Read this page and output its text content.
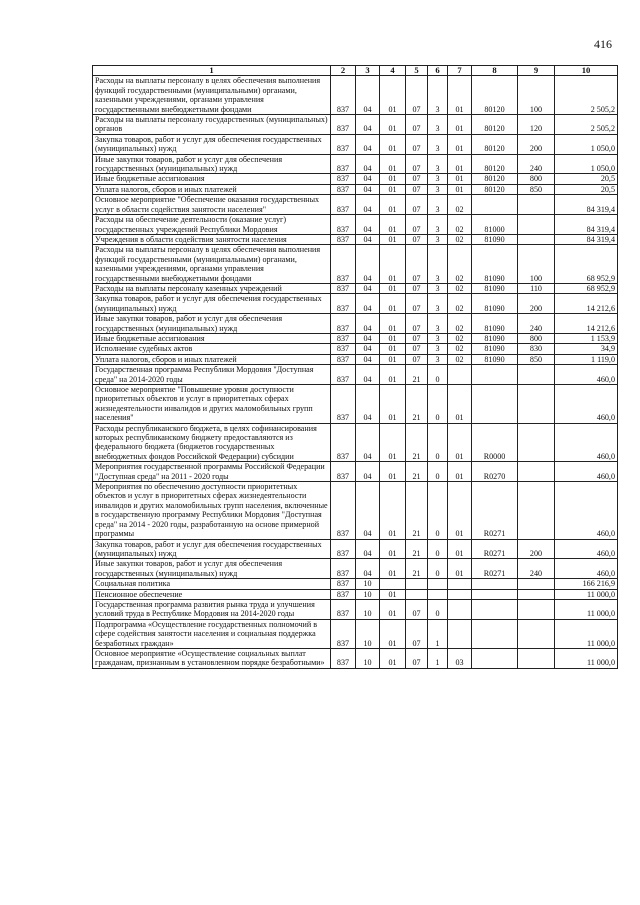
416
1	2	3	4	5	6	7	8	9	10
Расходы на выплаты персоналу в целях обеспечения выполнения функций государственными (муниципальными) органами, казенными учреждениями, органами управления государственными внебюджетными фондами	837	04	01	07	3	01	80120	100	2 505,2
Расходы на выплаты персоналу государственных (муниципальных) органов	837	04	01	07	3	01	80120	120	2 505,2
Закупка товаров, работ и услуг для обеспечения государственных (муниципальных) нужд	837	04	01	07	3	01	80120	200	1 050,0
Иные закупки товаров, работ и услуг для обеспечения государственных (муниципальных) нужд	837	04	01	07	3	01	80120	240	1 050,0
Иные бюджетные ассигнования	837	04	01	07	3	01	80120	800	20,5
Уплата налогов, сборов и иных платежей	837	04	01	07	3	01	80120	850	20,5
Основное мероприятие "Обеспечение оказания государственных услуг в области содействия занятости населения"	837	04	01	07	3	02			84 319,4
Расходы на обеспечение деятельности (оказание услуг) государственных учреждений Республики Мордовия	837	04	01	07	3	02	81000		84 319,4
Учреждения в области содействия занятости населения	837	04	01	07	3	02	81090		84 319,4
Расходы на выплаты персоналу в целях обеспечения выполнения функций государственными (муниципальными) органами, казенными учреждениями, органами управления государственными внебюджетными фондами	837	04	01	07	3	02	81090	100	68 952,9
Расходы на выплаты персоналу казенных учреждений	837	04	01	07	3	02	81090	110	68 952,9
Закупка товаров, работ и услуг для обеспечения государственных (муниципальных) нужд	837	04	01	07	3	02	81090	200	14 212,6
Иные закупки товаров, работ и услуг для обеспечения государственных (муниципальных) нужд	837	04	01	07	3	02	81090	240	14 212,6
Иные бюджетные ассигнования	837	04	01	07	3	02	81090	800	1 153,9
Исполнение судебных актов	837	04	01	07	3	02	81090	830	34,9
Уплата налогов, сборов и иных платежей	837	04	01	07	3	02	81090	850	1 119,0
Государственная программа Республики Мордовия "Доступная среда" на 2014-2020 годы	837	04	01	21	0				460,0
Основное мероприятие "Повышение уровня доступности приоритетных объектов и услуг в приоритетных сферах жизнедеятельности инвалидов и других маломобильных групп населения"	837	04	01	21	0	01			460,0
Расходы республиканского бюджета, в целях софинансирования которых республиканскому бюджету предоставляются из федерального бюджета (бюджетов государственных внебюджетных фондов Российской Федерации) субсидии	837	04	01	21	0	01	R0000		460,0
Мероприятия государственной программы Российской Федерации "Доступная среда" на 2011 - 2020 годы	837	04	01	21	0	01	R0270		460,0
Мероприятия по обеспечению доступности приоритетных объектов и услуг в приоритетных сферах жизнедеятельности инвалидов и других маломобильных групп населения, включенные в государственную программу Республики Мордовия "Доступная среда" на 2014 - 2020 годы, разработанную на основе примерной программы	837	04	01	21	0	01	R0271		460,0
Закупка товаров, работ и услуг для обеспечения государственных (муниципальных) нужд	837	04	01	21	0	01	R0271	200	460,0
Иные закупки товаров, работ и услуг для обеспечения государственных (муниципальных) нужд	837	04	01	21	0	01	R0271	240	460,0
Социальная политика	837	10							166 216,9
Пенсионное обеспечение	837	10	01						11 000,0
Государственная программа развития рынка труда и улучшения условий труда в Республике Мордовия на 2014-2020 годы	837	10	01	07	0				11 000,0
Подпрограмма «Осуществление государственных полномочий в сфере содействия занятости населения и социальная поддержка безработных граждан»	837	10	01	07	1				11 000,0
Основное мероприятие «Осуществление социальных выплат гражданам, признанным в установленном порядке безработными»	837	10	01	07	1	03			11 000,0
